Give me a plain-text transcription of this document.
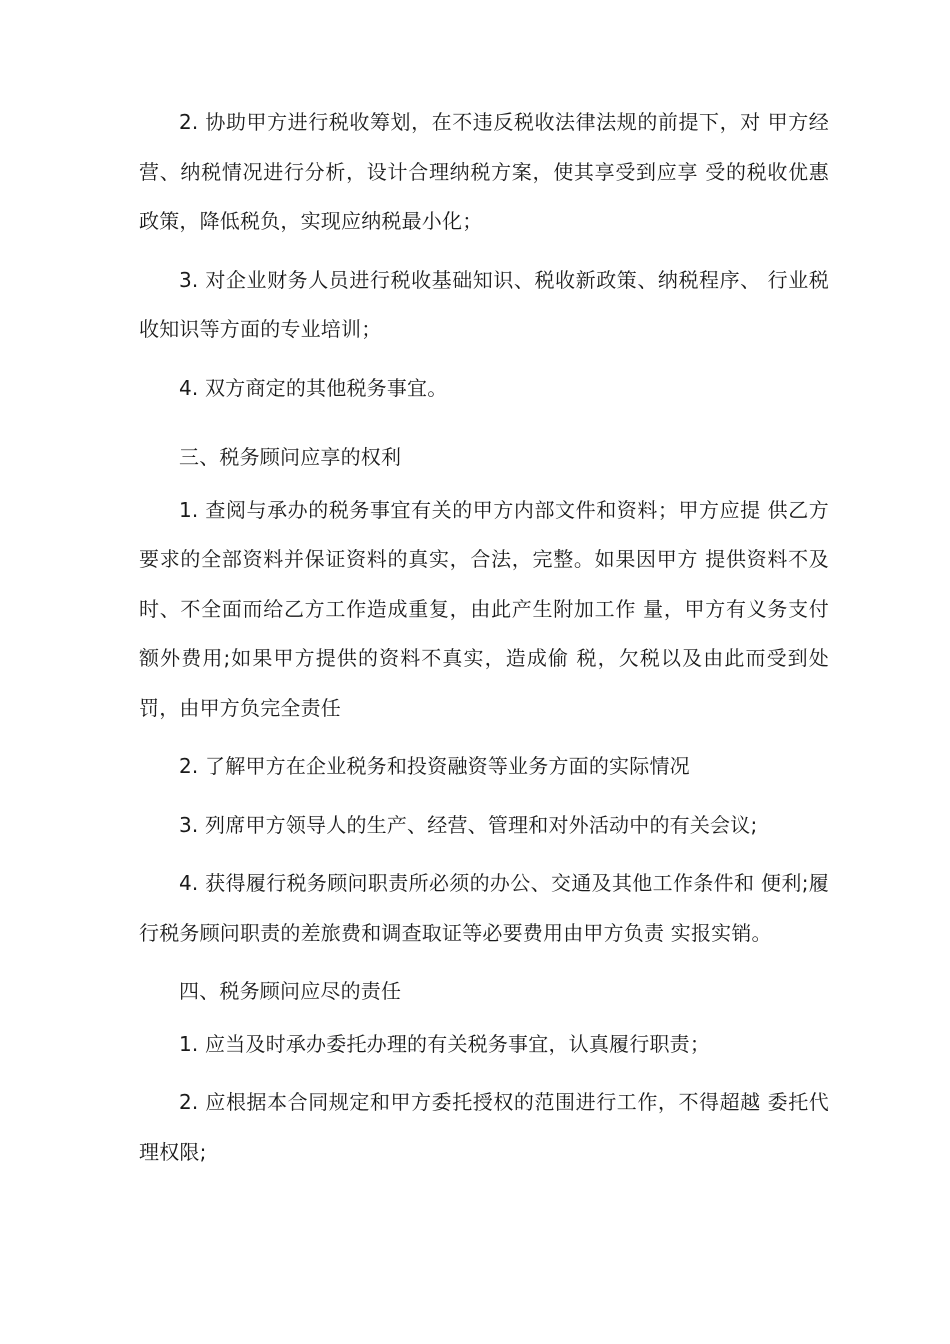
2. 协助甲方进行税收筹划，在不违反税收法律法规的前提下，对 甲方经营、纳税情况进行分析，设计合理纳税方案，使其享受到应享 受的税收优惠政策，降低税负，实现应纳税最小化；

3. 对企业财务人员进行税收基础知识、税收新政策、纳税程序、 行业税收知识等方面的专业培训；

4. 双方商定的其他税务事宜。

三、税务顾问应享的权利

1. 查阅与承办的税务事宜有关的甲方内部文件和资料；甲方应提 供乙方要求的全部资料并保证资料的真实，合法，完整。如果因甲方 提供资料不及时、不全面而给乙方工作造成重复，由此产生附加工作 量，甲方有义务支付额外费用;如果甲方提供的资料不真实，造成偷 税，欠税以及由此而受到处罚，由甲方负完全责任

2. 了解甲方在企业税务和投资融资等业务方面的实际情况

3. 列席甲方领导人的生产、经营、管理和对外活动中的有关会议;

4. 获得履行税务顾问职责所必须的办公、交通及其他工作条件和 便利;履行税务顾问职责的差旅费和调查取证等必要费用由甲方负责 实报实销。

四、税务顾问应尽的责任

1. 应当及时承办委托办理的有关税务事宜，认真履行职责；

2. 应根据本合同规定和甲方委托授权的范围进行工作，不得超越 委托代理权限;
